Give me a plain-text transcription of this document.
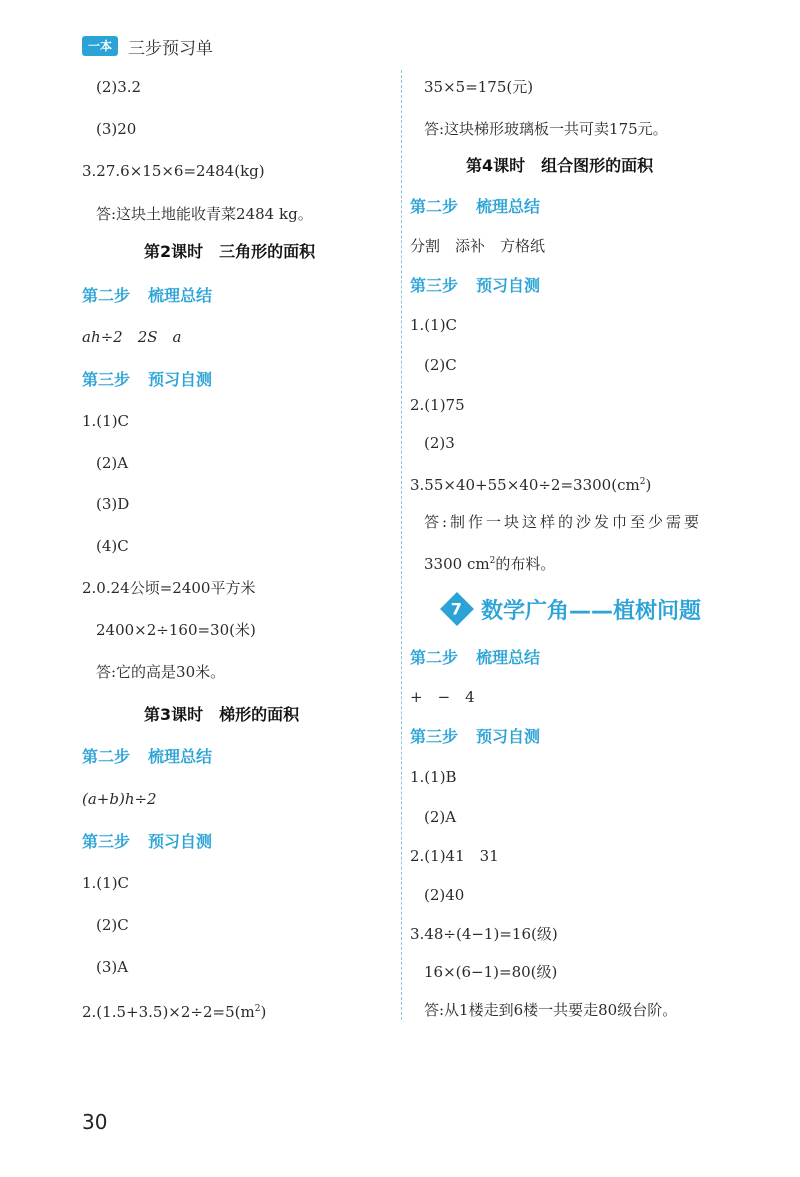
一本 三步预习单
(2)3.2
(3)20
3.27.6×15×6=2484(kg)
答:这块土地能收青菜2484 kg。
第2课时　三角形的面积
第二步 梳理总结
ah÷2　2S　a
第三步 预习自测
1.(1)C
(2)A
(3)D
(4)C
2.0.24公顷=2400平方米
2400×2÷160=30(米)
答:它的高是30米。
第3课时　梯形的面积
第二步 梳理总结
(a+b)h÷2
第三步 预习自测
1.(1)C
(2)C
(3)A
$2.(1.5+3.5)\times 2\div 2=5(m^2)$
35×5=175(元)
答:这块梯形玻璃板一共可卖175元。
第4课时　组合图形的面积
第二步 梳理总结
分割　添补　方格纸
第三步 预习自测
1.(1)C
(2)C
2.(1)75
(2)3
$3.55\times 40+55\times 40\div 2=3300(cm^2)$
答:制作一块这样的沙发巾至少需要
3300 $cm^2$的布料。
7 数学广角——植树问题
第二步 梳理总结
+　−　4
第三步 预习自测
1.(1)B
(2)A
2.(1)41　31
(2)40
3.48÷(4−1)=16(级)
16×(6−1)=80(级)
答:从1楼走到6楼一共要走80级台阶。
30
